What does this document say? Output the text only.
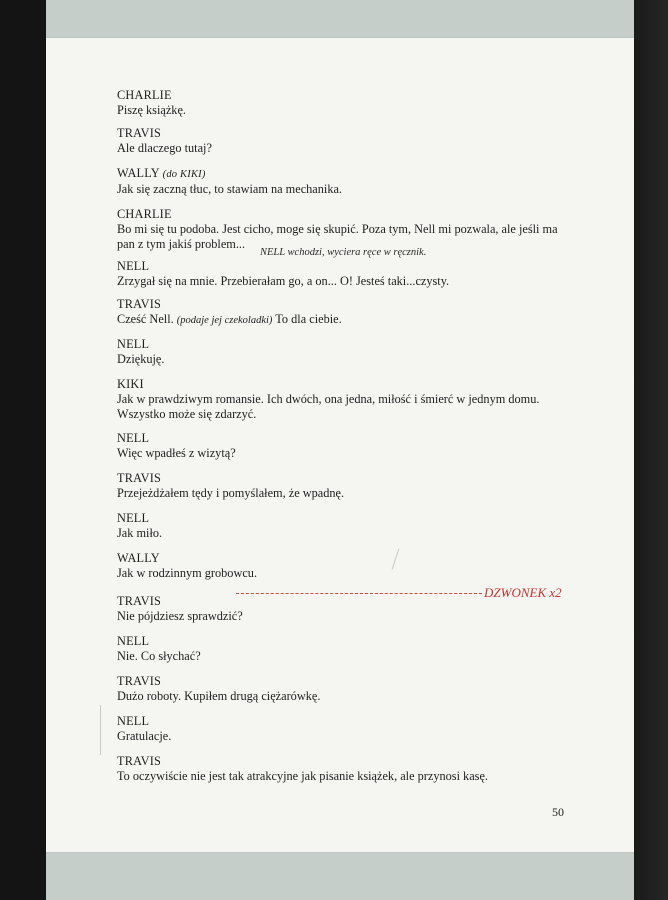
CHARLIE
Piszę książkę.
TRAVIS
Ale dlaczego tutaj?
WALLY (do KIKI)
Jak się zaczną tłuc, to stawiam na mechanika.
CHARLIE
Bo mi się tu podoba. Jest cicho, moge się skupić. Poza tym, Nell mi pozwala, ale jeśli ma pan z tym jakiś problem...
NELL wchodzi, wyciera ręce w ręcznik.
NELL
Zrzygał się na mnie. Przebierałam go, a on... O! Jesteś taki...czysty.
TRAVIS
Cześć Nell. (podaje jej czekoladki) To dla ciebie.
NELL
Dziękuję.
KIKI
Jak w prawdziwym romansie. Ich dwóch, ona jedna, miłość i śmierć w jednym domu. Wszystko może się zdarzyć.
NELL
Więc wpadłeś z wizytą?
TRAVIS
Przejeżdżałem tędy i pomyślałem, że wpadnę.
NELL
Jak miło.
WALLY
Jak w rodzinnym grobowcu.
DZWONEK x2
TRAVIS
Nie pójdziesz sprawdzić?
NELL
Nie. Co słychać?
TRAVIS
Dużo roboty. Kupiłem drugą ciężarówkę.
NELL
Gratulacje.
TRAVIS
To oczywiście nie jest tak atrakcyjne jak pisanie książek, ale przynosi kasę.
50
